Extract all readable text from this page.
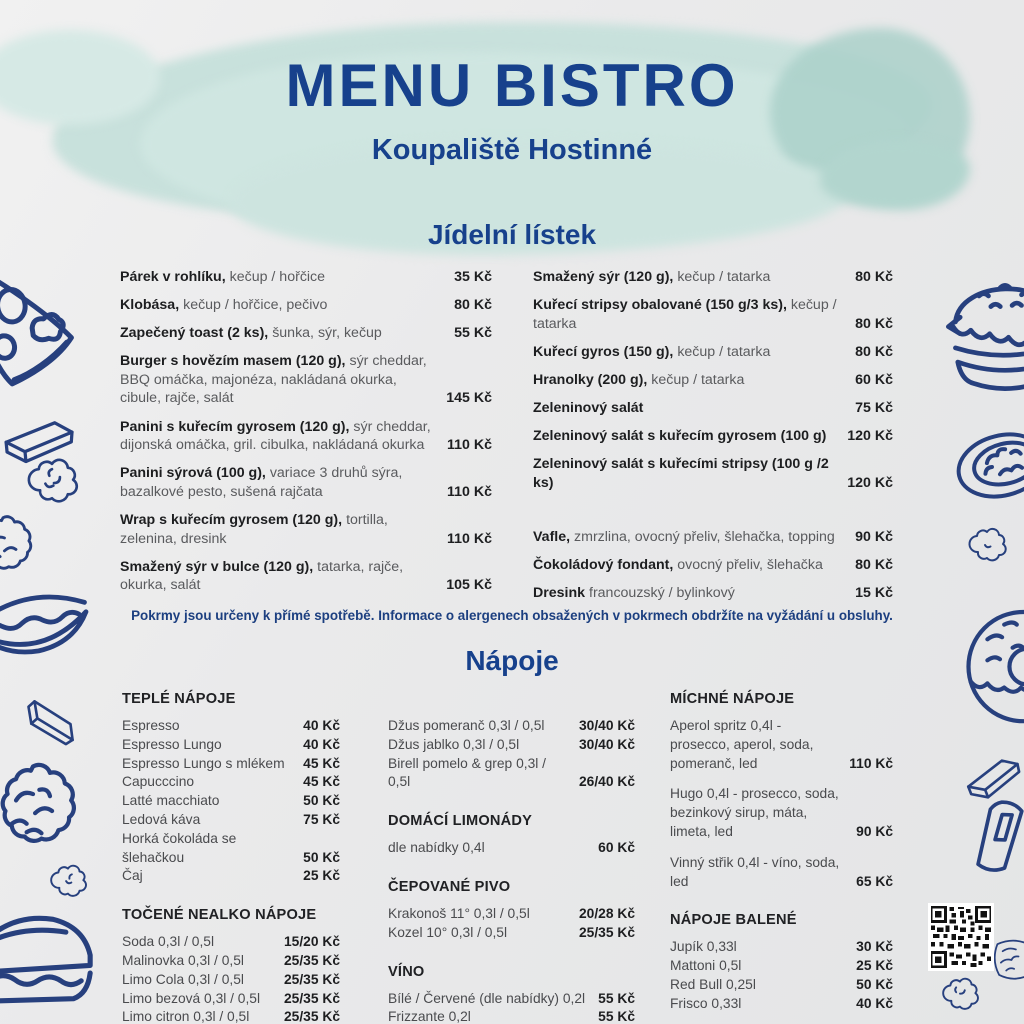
MENU BISTRO
Koupaliště Hostinné
Jídelní lístek
Párek v rohlíku, kečup / hořčice	35 Kč
Klobása, kečup / hořčice, pečivo	80 Kč
Zapečený toast (2 ks), šunka, sýr, kečup	55 Kč
Burger s hovězím masem (120 g), sýr cheddar, BBQ omáčka, majonéza, nakládaná okurka, cibule, rajče, salát	145 Kč
Panini s kuřecím gyrosem (120 g), sýr cheddar, dijonská omáčka, gril. cibulka, nakládaná okurka	110 Kč
Panini sýrová (100 g), variace 3 druhů sýra, bazalkové pesto, sušená rajčata	110 Kč
Wrap s kuřecím gyrosem (120 g), tortilla, zelenina, dresink	110 Kč
Smažený sýr v bulce (120 g), tatarka, rajče, okurka, salát	105 Kč
Smažený sýr (120 g), kečup / tatarka	80 Kč
Kuřecí stripsy obalované (150 g/3 ks), kečup / tatarka	80 Kč
Kuřecí gyros (150 g), kečup / tatarka	80 Kč
Hranolky (200 g), kečup / tatarka	60 Kč
Zeleninový salát	75 Kč
Zeleninový salát s kuřecím gyrosem (100 g) 120 Kč
Zeleninový salát s kuřecími stripsy (100 g /2 ks)	120 Kč
Vafle, zmrzlina, ovocný přeliv, šlehačka, topping 90 Kč
Čokoládový fondant, ovocný přeliv, šlehačka 80 Kč
Dresink francouzský / bylinkový	15 Kč
Pokrmy jsou určeny k přímé spotřebě. Informace o alergenech obsažených v pokrmech obdržíte na vyžádání u obsluhy.
Nápoje
TEPLÉ NÁPOJE
Espresso	40 Kč
Espresso Lungo	40 Kč
Espresso Lungo s mlékem 45 Kč
Capucccino	45 Kč
Latté macchiato	50 Kč
Ledová káva	75 Kč
Horká čokoláda se šlehačkou	50 Kč
Čaj	25 Kč
TOČENÉ NEALKO NÁPOJE
Soda 0,3l / 0,5l	15/20 Kč
Malinovka 0,3l / 0,5l	25/35 Kč
Limo Cola 0,3l / 0,5l	25/35 Kč
Limo bezová 0,3l / 0,5l 25/35 Kč
Limo citron 0,3l / 0,5l	25/35 Kč
Džus pomeranč 0,3l / 0,5l	30/40 Kč
Džus jablko 0,3l / 0,5l	30/40 Kč
Birell pomelo & grep 0,3l / 0,5l	26/40 Kč
DOMÁCÍ LIMONÁDY
dle nabídky 0,4l	60 Kč
ČEPOVANÉ PIVO
Krakonoš 11° 0,3l / 0,5l	20/28 Kč
Kozel 10° 0,3l / 0,5l	25/35 Kč
VÍNO
Bílé / Červené (dle nabídky) 0,2l 55 Kč
Frizzante 0,2l	55 Kč
MÍCHNÉ NÁPOJE
Aperol spritz 0,4l - prosecco, aperol, soda, pomeranč, led	110 Kč
Hugo 0,4l - prosecco, soda, bezinkový sirup, máta, limeta, led	90 Kč
Vinný střik 0,4l - víno, soda, led	65 Kč
NÁPOJE BALENÉ
Jupík 0,33l	30 Kč
Mattoni 0,5l	25 Kč
Red Bull 0,25l	50 Kč
Frisco 0,33l	40 Kč
